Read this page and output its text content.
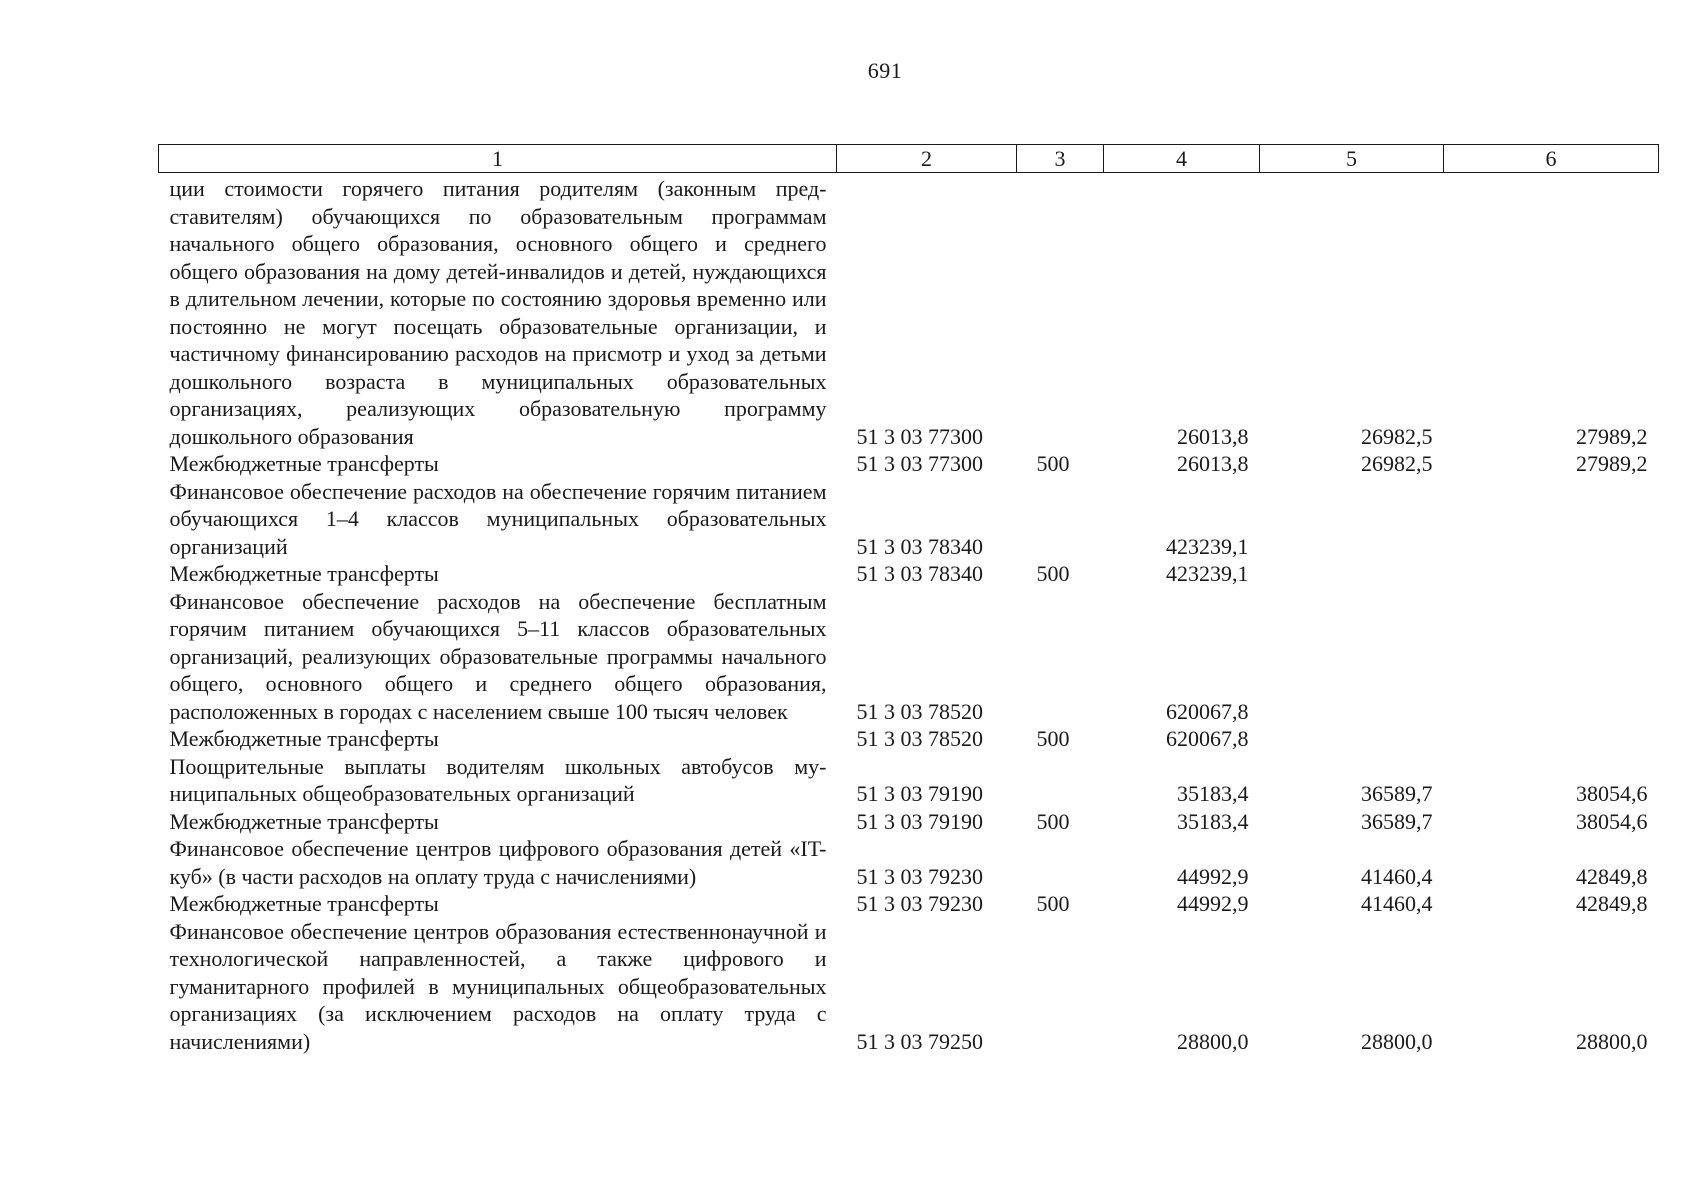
691
1	2	3	4	5	6
ции стоимости горячего питания родителям (законным представителям) обучающихся по образовательным программам начального общего образования, основного общего и среднего общего образования на дому детей-инвалидов и детей, нуждающихся в длительном лечении, которые по состоянию здоровья временно или постоянно не могут посещать образовательные организации, и частичному финансированию расходов на присмотр и уход за детьми дошкольного возраста в муниципальных образовательных организациях, реализующих образовательную программу дошкольного образования	51 3 03 77300		26013,8	26982,5	27989,2
Межбюджетные трансферты	51 3 03 77300	500	26013,8	26982,5	27989,2
Финансовое обеспечение расходов на обеспечение горячим питанием обучающихся 1–4 классов муниципальных образовательных организаций	51 3 03 78340		423239,1		
Межбюджетные трансферты	51 3 03 78340	500	423239,1		
Финансовое обеспечение расходов на обеспечение бесплатным горячим питанием обучающихся 5–11 классов образовательных организаций, реализующих образовательные программы начального общего, основного общего и среднего общего образования, расположенных в городах с населением свыше 100 тысяч человек	51 3 03 78520		620067,8		
Межбюджетные трансферты	51 3 03 78520	500	620067,8		
Поощрительные выплаты водителям школьных автобусов муниципальных общеобразовательных организаций	51 3 03 79190		35183,4	36589,7	38054,6
Межбюджетные трансферты	51 3 03 79190	500	35183,4	36589,7	38054,6
Финансовое обеспечение центров цифрового образования детей «IT-куб» (в части расходов на оплату труда с начислениями)	51 3 03 79230		44992,9	41460,4	42849,8
Межбюджетные трансферты	51 3 03 79230	500	44992,9	41460,4	42849,8
Финансовое обеспечение центров образования естественнонаучной и технологической направленностей, а также цифрового и гуманитарного профилей в муниципальных общеобразовательных организациях (за исключением расходов на оплату труда с начислениями)	51 3 03 79250		28800,0	28800,0	28800,0
